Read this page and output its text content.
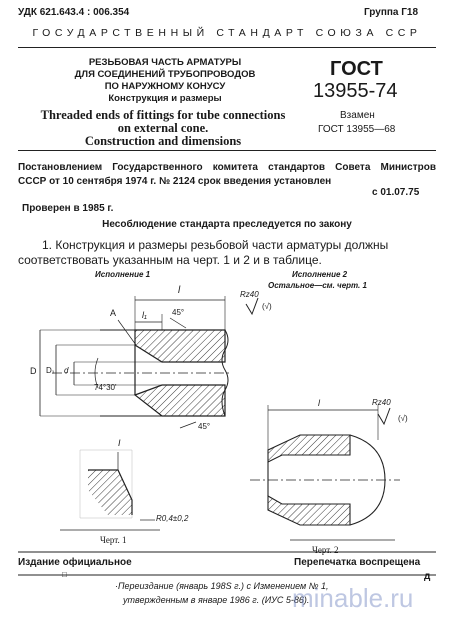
УДК 621.643.4 : 006.354	Группа Г18
ГОСУДАРСТВЕННЫЙ СТАНДАРТ СОЮЗА ССР
РЕЗЬБОВАЯ ЧАСТЬ АРМАТУРЫ
ДЛЯ СОЕДИНЕНИЙ ТРУБОПРОВОДОВ
ПО НАРУЖНОМУ КОНУСУ
Конструкция и размеры
Threaded ends of fittings for tube connections
on external cone.
Construction and dimensions
ГОСТ
13955-74
Взамен
ГОСТ 13955—68
Постановлением Государственного комитета стандартов Совета Министров
СССР от 10 сентября 1974 г. № 2124 срок введения установлен
с 01.07.75
Проверен в 1985 г.
Несоблюдение стандарта преследуется по закону
1. Конструкция и размеры резьбовой части арматуры должны
соответствовать указанным на черт. 1 и 2 и в таблице.
Исполнение 1	Исполнение 2
Остальное—см. черт. 1
l
l₁
A	45°
45°
D D₁ d
74°30'
I
Rz40
(√)
Rz40
(√)
R0,4±0,2
l
Черт. 1
Черт. 2
Издание официальное	Перепечатка воспрещена
□	д
·Переиздание (январь 198S г.) с Изменением № 1,
утвержденным в январе 1986 г. (ИУС 5-86).
minable.ru
